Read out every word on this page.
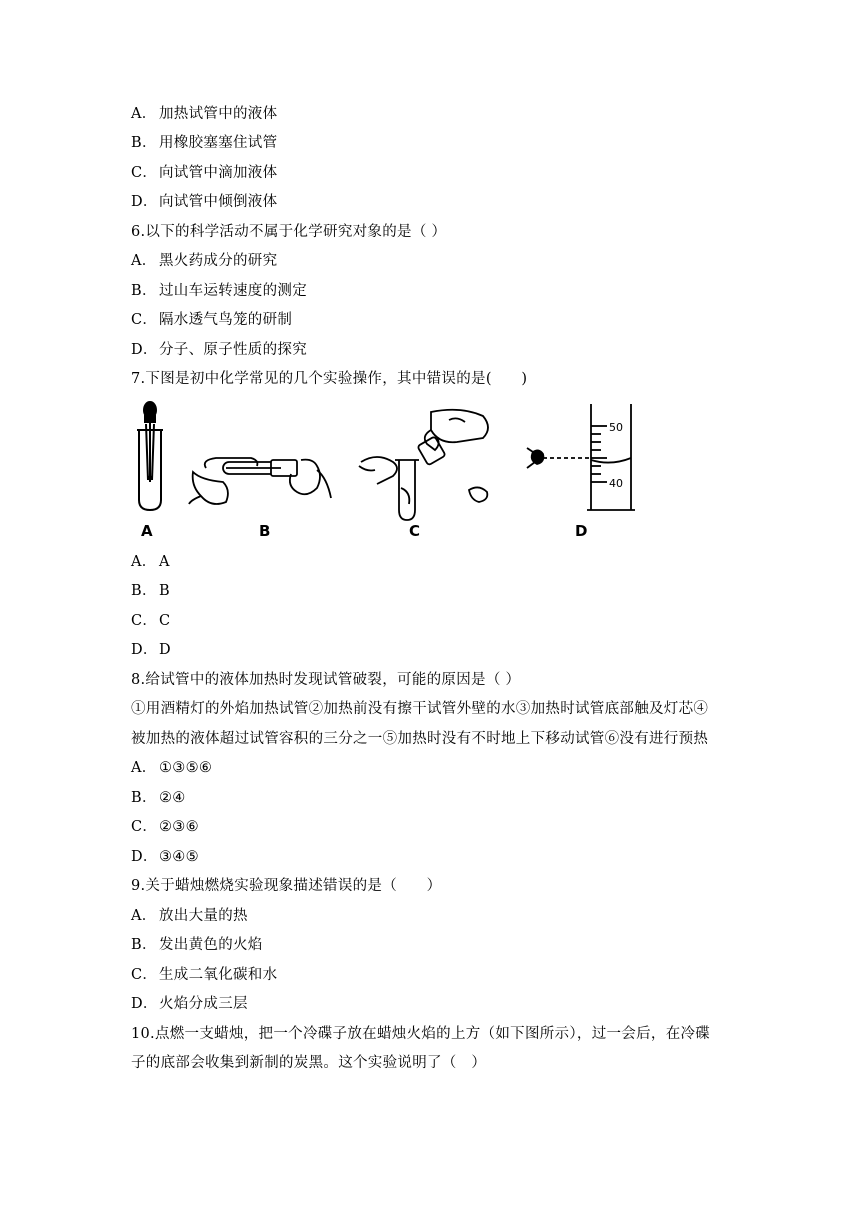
A． 加热试管中的液体
B． 用橡胶塞塞住试管
C． 向试管中滴加液体
D．向试管中倾倒液体
6.以下的科学活动不属于化学研究对象的是（ ）
A． 黑火药成分的研究
B． 过山车运转速度的测定
C． 隔水透气鸟笼的研制
D．分子、原子性质的探究
7.下图是初中化学常见的几个实验操作，其中错误的是(　　)
A	B	C
50
40
D
A． A
B． B
C． C
D．D
8.给试管中的液体加热时发现试管破裂，可能的原因是（ ）
①用酒精灯的外焰加热试管②加热前没有擦干试管外壁的水③加热时试管底部触及灯芯④
被加热的液体超过试管容积的三分之一⑤加热时没有不时地上下移动试管⑥没有进行预热
A． ①③⑤⑥
B． ②④
C． ②③⑥
D．③④⑤
9.关于蜡烛燃烧实验现象描述错误的是（　　）
A． 放出大量的热
B． 发出黄色的火焰
C． 生成二氧化碳和水
D．火焰分成三层
10.点燃一支蜡烛，把一个冷碟子放在蜡烛火焰的上方（如下图所示），过一会后，在冷碟
子的底部会收集到新制的炭黑。这个实验说明了（　）
